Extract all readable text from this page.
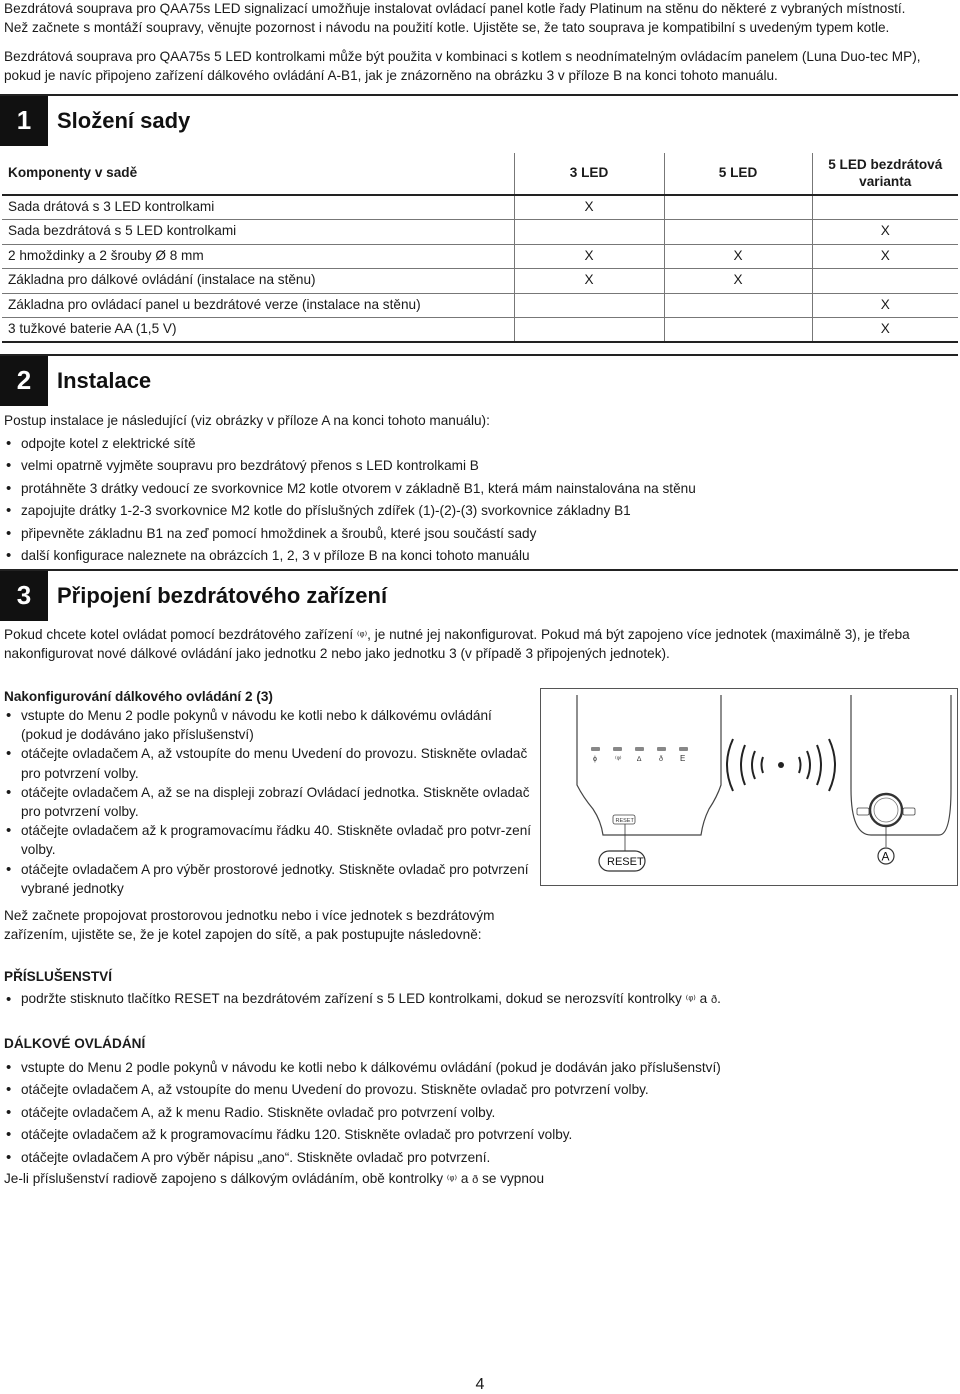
Bezdrátová souprava pro QAA75s LED signalizací umožňuje instalovat ovládací panel kotle řady Platinum na stěnu do některé z vybraných místností.
Než začnete s montáží soupravy, věnujte pozornost i návodu na použití kotle. Ujistěte se, že tato souprava je kompatibilní s uvedeným typem kotle.
Bezdrátová souprava pro QAA75s 5 LED kontrolkami může být použita v kombinaci s kotlem s neodnímatelným ovládacím panelem (Luna Duo-tec MP), pokud je navíc připojeno zařízení dálkového ovládání A-B1, jak je znázorněno na obrázku 3 v příloze B na konci tohoto manuálu.
1	Složení sady
Komponenty v sadě	3 LED	5 LED	5 LED bezdrátová varianta
Sada drátová s 3 LED kontrolkami	X		
Sada bezdrátová s 5 LED kontrolkami			X
2 hmoždinky a 2 šrouby Ø 8 mm	X	X	X
Základna pro dálkové ovládání (instalace na stěnu)	X	X	
Základna pro ovládací panel u bezdrátové verze (instalace na stěnu)			X
3 tužkové baterie AA (1,5 V)			X
2	Instalace
Postup instalace je následující (viz obrázky v příloze A na konci tohoto manuálu):
• odpojte kotel z elektrické sítě
• velmi opatrně vyjměte soupravu pro bezdrátový přenos s LED kontrolkami B
• protáhněte 3 drátky vedoucí ze svorkovnice M2 kotle otvorem v základně B1, která mám nainstalována na stěnu
• zapojujte drátky 1-2-3 svorkovnice M2 kotle do příslušných zdířek (1)-(2)-(3) svorkovnice základny B1
• připevněte základnu B1 na zeď pomocí hmoždinek a šroubů, které jsou součástí sady
• další konfigurace naleznete na obrázcích 1, 2, 3 v příloze B na konci tohoto manuálu
3	Připojení bezdrátového zařízení
Pokud chcete kotel ovládat pomocí bezdrátového zařízení ⁽ᵠ⁾, je nutné jej nakonfigurovat. Pokud má být zapojeno více jednotek (maximálně 3), je třeba nakonfigurovat nové dálkové ovládání jako jednotku 2 nebo jako jednotku 3 (v případě 3 připojených jednotek).
Nakonfigurování dálkového ovládání 2 (3)
• vstupte do Menu 2 podle pokynů v návodu ke kotli nebo k dálkovému ovládání (pokud je dodáváno jako příslušenství)
• otáčejte ovladačem A, až vstoupíte do menu Uvedení do provozu. Stiskněte ovladač pro potvrzení volby.
• otáčejte ovladačem A, až se na displeji zobrazí Ovládací jednotka. Stiskněte ovladač pro potvrzení volby.
• otáčejte ovladačem až k programovacímu řádku 40. Stiskněte ovladač pro potvr-zení volby.
• otáčejte ovladačem A pro výběr prostorové jednotky. Stiskněte ovladač pro potvrzení vybrané jednotky
ϕ	⁽ᵠ⁾ ∆	ð E
RESET
RESET	A
Než začnete propojovat prostorovou jednotku nebo i více jednotek s bezdrátovým zařízením, ujistěte se, že je kotel zapojen do sítě, a pak postupujte následovně:
PŘÍSLUŠENSTVÍ
• podržte stisknuto tlačítko RESET na bezdrátovém zařízení s 5 LED kontrolkami, dokud se nerozsvítí kontrolky ⁽ᵠ⁾ a ð.
DÁLKOVÉ OVLÁDÁNÍ
• vstupte do Menu 2 podle pokynů v návodu ke kotli nebo k dálkovému ovládání (pokud je dodáván jako příslušenství)
• otáčejte ovladačem A, až vstoupíte do menu Uvedení do provozu. Stiskněte ovladač pro potvrzení volby.
• otáčejte ovladačem A, až k menu Radio. Stiskněte ovladač pro potvrzení volby.
• otáčejte ovladačem až k programovacímu řádku 120. Stiskněte ovladač pro potvrzení volby.
• otáčejte ovladačem A pro výběr nápisu „ano“. Stiskněte ovladač pro potvrzení.
Je-li příslušenství radiově zapojeno s dálkovým ovládáním, obě kontrolky ⁽ᵠ⁾ a ð se vypnou
4
